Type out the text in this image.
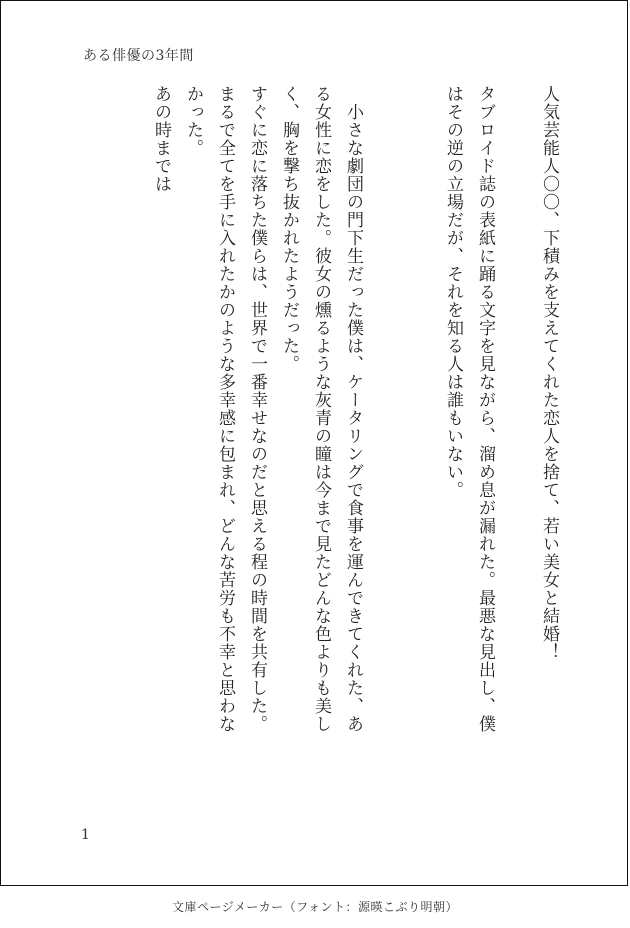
ある俳優の3年間
人気芸能人〇〇、下積みを支えてくれた恋人を捨て、若い美女と結婚！
タブロイド誌の表紙に踊る文字を見ながら、溜め息が漏れた。最悪な見出し、僕
はその逆の立場だが、それを知る人は誰もいない。
　小さな劇団の門下生だった僕は、ケータリングで食事を運んできてくれた、あ
る女性に恋をした。彼女の燻るような灰青の瞳は今まで見たどんな色よりも美し
く、胸を撃ち抜かれたようだった。
すぐに恋に落ちた僕らは、世界で一番幸せなのだと思える程の時間を共有した。
まるで全てを手に入れたかのような多幸感に包まれ、どんな苦労も不幸と思わな
かった。
あの時までは
1
文庫ページメーカー（フォント：源暎こぶり明朝）
